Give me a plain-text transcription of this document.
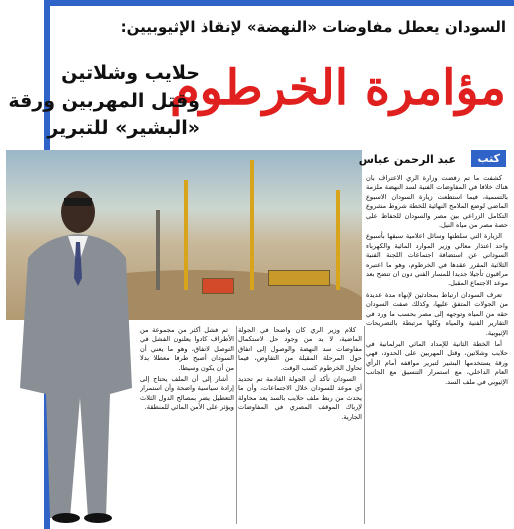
السودان يعطل مفاوضات «النهضة» لإنقاذ الإثيوبيين:
مؤامرة الخرطوم
حلايب وشلاتين
وقتل المهربين ورقة
«البشير» للتبرير
كتب
عبد الرحمن عباس

كشفت ما تم رفضت وزارة الري الاعتراف بان هناك خلافا في المفاوضات الفنية لسد النهضة ملزمة بالتسمية، فيما استطعت زيارة السودان الاسبوع الماضي لوضع الملامح النهائية للخطة شروط مشروع التكامل الزراعي بين مصر والسودان للحفاظ على حصة مصر من مياه النيل.

الزيارة التي سلطتها وسائل اعلامية سبقها بأسبوع واحد اعتذار معالي وزير الموارد المائية والكهرباء السوداني عن استضافة اجتماعات اللجنة الفنية الثلاثية المقرر عقدها في الخرطوم، وهو ما اعتبره مراقبون تأجيلا جديدا للمسار الفني دون ان تتضح بعد موعد الاجتماع المقبل.

تعرف السودان ارتباط بمحادثين لإنهاء مدة عديدة من الجولات المتفق عليها، وكذلك صفت السودان حقه من المياه وتوجهه إلى مصر بحسب ما ورد في التقارير الفنية والمياه وكلها مرتبطة بالتصريحات الإثيوبية.

أما الخطة الثانية للإمداد المائي البرلمانية في حلايب وشلاتين، وقتل المهربين على الحدود، فهي ورقة يستخدمها البشير لتبرير مواقفه أمام الرأي العام الداخلي، مع استمرار التنسيق مع الجانب الإثيوبي في ملف السد.

كلام وزير الري كان واضحا في الجولة الماضية، لا بد من وجود حل لاستكمال مفاوضات سد النهضة والوصول إلى اتفاق حول المرحلة المقبلة من التفاوض، فيما تحاول الخرطوم كسب الوقت.

السودان تأكد أن الجولة القادمة تم تحديد أي موعد للسودان خلال الاجتماعات، وأن ما يحدث من ربط ملف حلايب بالسد يعد محاولة لإرباك الموقف المصري في المفاوضات الجارية.

ثم فشل أكثر من مجموعة من الأطراف كادوا يعلنون الفشل في التوصل لاتفاق، وهو ما يعني أن السودان أصبح طرفا معطلا بدلا من أن يكون وسيطا.

أشار إلى أن الملف يحتاج إلى إرادة سياسية واضحة وأن استمرار التعطيل يضر بمصالح الدول الثلاث ويؤثر على الأمن المائي للمنطقة.
